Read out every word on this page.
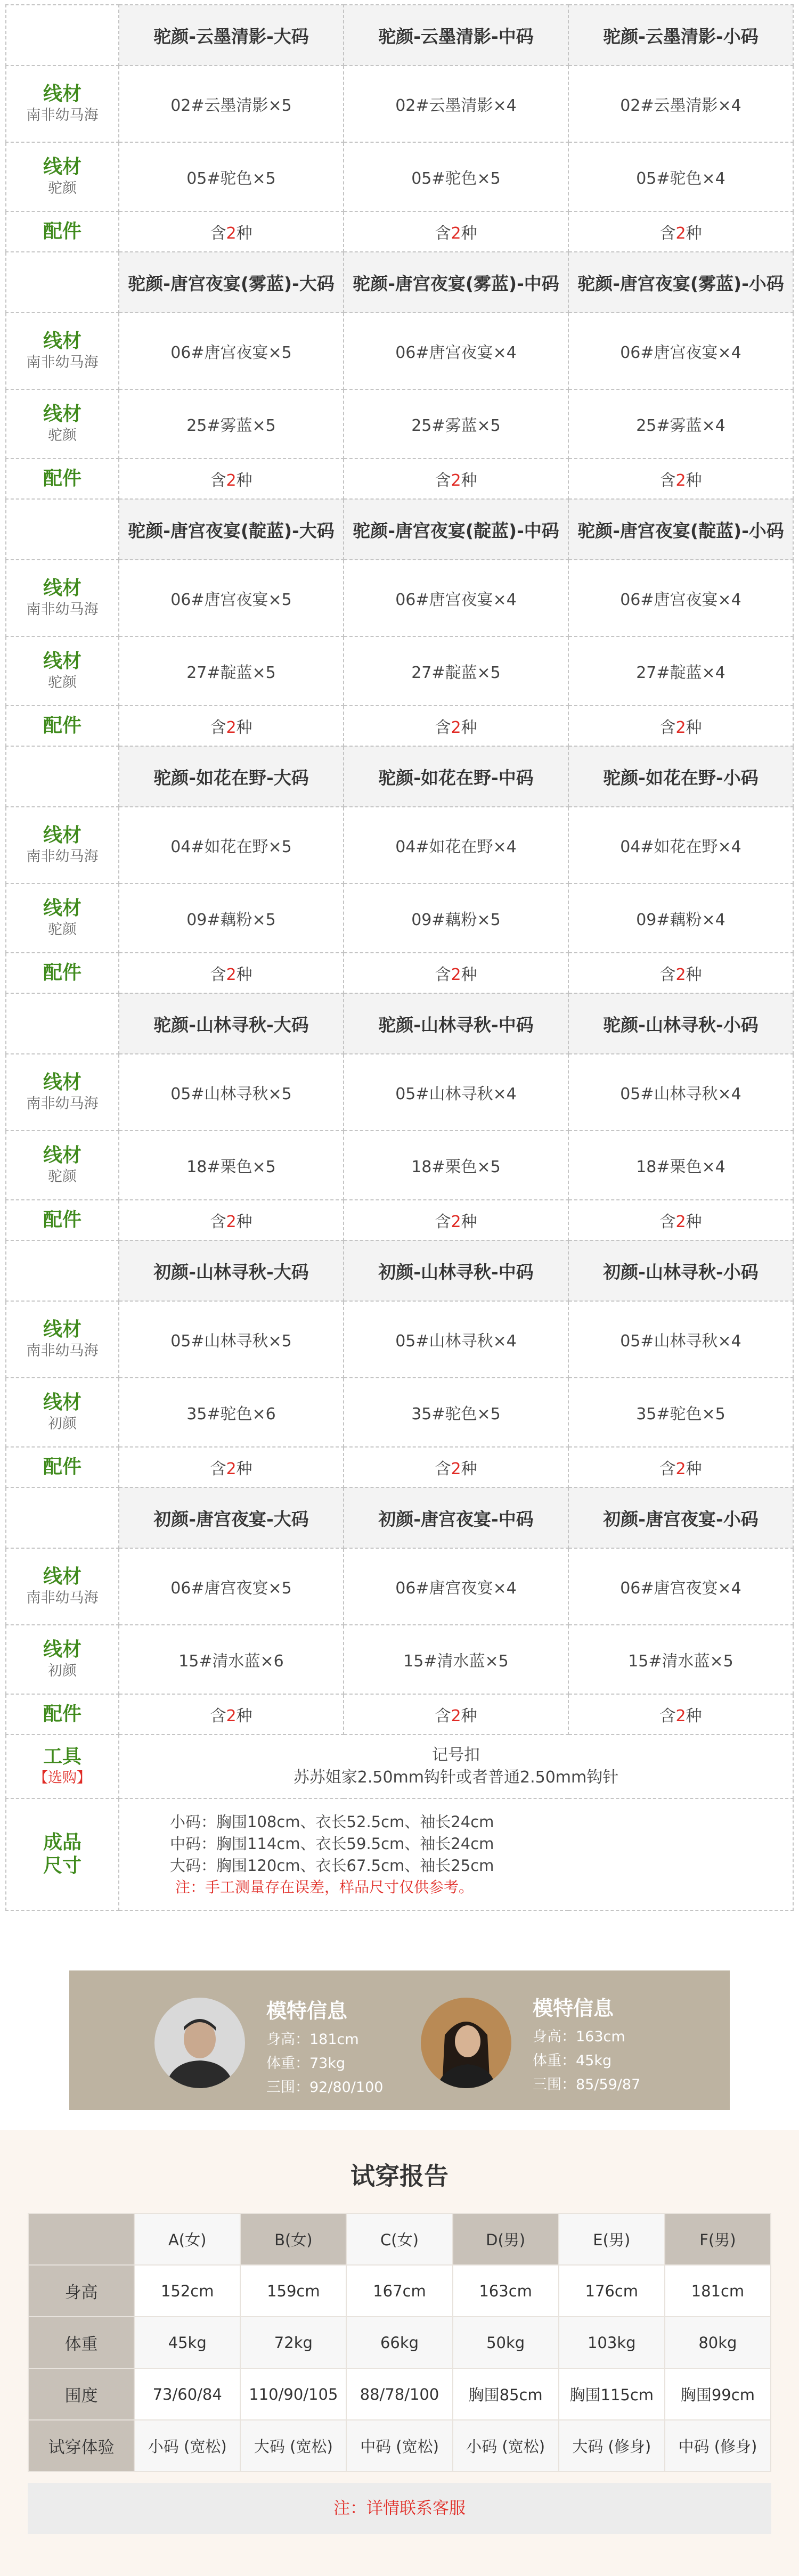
	驼颜-云墨清影-大码	驼颜-云墨清影-中码	驼颜-云墨清影-小码

线材
南非幼马海	02#云墨清影×5	02#云墨清影×4	02#云墨清影×4

线材
驼颜	05#驼色×5	05#驼色×5	05#驼色×4

配件	含2种	含2种	含2种
	驼颜-唐宫夜宴(雾蓝)-大码	驼颜-唐宫夜宴(雾蓝)-中码	驼颜-唐宫夜宴(雾蓝)-小码

线材
南非幼马海	06#唐宫夜宴×5	06#唐宫夜宴×4	06#唐宫夜宴×4

线材
驼颜	25#雾蓝×5	25#雾蓝×5	25#雾蓝×4

配件	含2种	含2种	含2种
	驼颜-唐宫夜宴(靛蓝)-大码	驼颜-唐宫夜宴(靛蓝)-中码	驼颜-唐宫夜宴(靛蓝)-小码

线材
南非幼马海	06#唐宫夜宴×5	06#唐宫夜宴×4	06#唐宫夜宴×4

线材
驼颜	27#靛蓝×5	27#靛蓝×5	27#靛蓝×4

配件	含2种	含2种	含2种
	驼颜-如花在野-大码	驼颜-如花在野-中码	驼颜-如花在野-小码

线材
南非幼马海	04#如花在野×5	04#如花在野×4	04#如花在野×4

线材
驼颜	09#藕粉×5	09#藕粉×5	09#藕粉×4

配件	含2种	含2种	含2种
	驼颜-山林寻秋-大码	驼颜-山林寻秋-中码	驼颜-山林寻秋-小码

线材
南非幼马海	05#山林寻秋×5	05#山林寻秋×4	05#山林寻秋×4

线材
驼颜	18#栗色×5	18#栗色×5	18#栗色×4

配件	含2种	含2种	含2种
	初颜-山林寻秋-大码	初颜-山林寻秋-中码	初颜-山林寻秋-小码

线材
南非幼马海	05#山林寻秋×5	05#山林寻秋×4	05#山林寻秋×4

线材
初颜	35#驼色×6	35#驼色×5	35#驼色×5

配件	含2种	含2种	含2种
	初颜-唐宫夜宴-大码	初颜-唐宫夜宴-中码	初颜-唐宫夜宴-小码

线材
南非幼马海	06#唐宫夜宴×5	06#唐宫夜宴×4	06#唐宫夜宴×4

线材
初颜	15#清水蓝×6	15#清水蓝×5	15#清水蓝×5

配件	含2种	含2种	含2种

工具
【选购】	记号扣
苏苏姐家2.50mm钩针或者普通2.50mm钩针		

成品
尺寸	小码：胸围108cm、衣长52.5cm、袖长24cm
中码：胸围114cm、衣长59.5cm、袖长24cm
大码：胸围120cm、衣长67.5cm、袖长25cm
注：手工测量存在误差，样品尺寸仅供参考。		
模特信息
身高：181cm
体重：73kg
三围：92/80/100
模特信息
身高：163cm
体重：45kg
三围：85/59/87
试穿报告
	A(女)	B(女)	C(女)	D(男)	E(男)	F(男)
身高	152cm	159cm	167cm	163cm	176cm	181cm
体重	45kg	72kg	66kg	50kg	103kg	80kg
围度	73/60/84	110/90/105	88/78/100	胸围85cm	胸围115cm	胸围99cm
试穿体验	小码 (宽松)	大码 (宽松)	中码 (宽松)	小码 (宽松)	大码 (修身)	中码 (修身)
注：详情联系客服
